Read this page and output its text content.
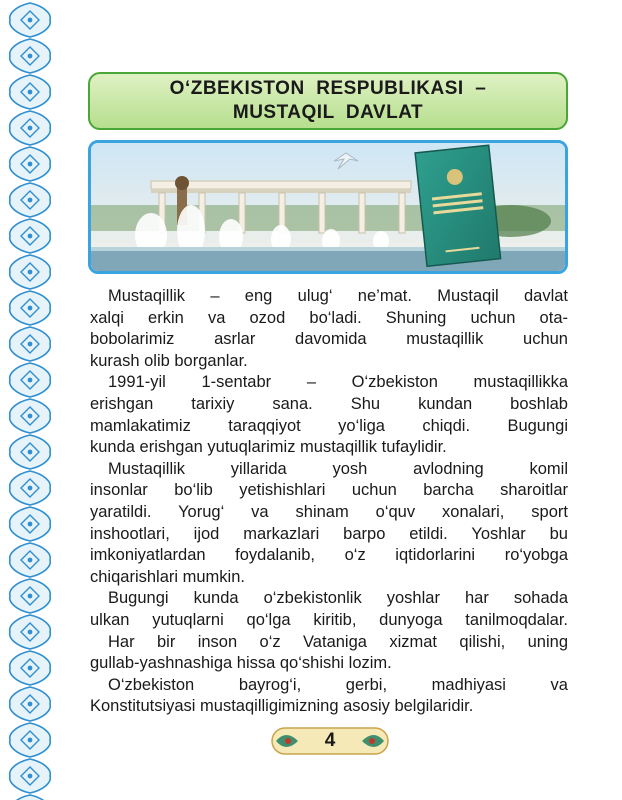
O‘ZBEKISTON  RESPUBLIKASI  –
MUSTAQIL  DAVLAT
Mustaqillik – eng ulug‘ ne’mat. Mustaqil davlat
xalqi erkin va ozod bo‘ladi. Shuning uchun ota-
bobolarimiz asrlar davomida mustaqillik uchun
kurash olib borganlar.
1991-yil 1-sentabr – O‘zbekiston mustaqillikka
erishgan tarixiy sana. Shu kundan boshlab
mamlakatimiz taraqqiyot yo‘liga chiqdi. Bugungi
kunda erishgan yutuqlarimiz mustaqillik tufaylidir.
Mustaqillik yillarida yosh avlodning komil
insonlar bo‘lib yetishishlari uchun barcha sharoitlar
yaratildi. Yorug‘ va shinam o‘quv xonalari, sport
inshootlari, ijod markazlari barpo etildi. Yoshlar bu
imkoniyatlardan foydalanib, o‘z iqtidorlarini ro‘yobga
chiqarishlari mumkin.
Bugungi kunda o‘zbekistonlik yoshlar har sohada
ulkan yutuqlarni qo‘lga kiritib, dunyoga tanilmoqdalar.
Har bir inson o‘z Vataniga xizmat qilishi, uning
gullab-yashnashiga hissa qo‘shishi lozim.
O‘zbekiston bayrog‘i, gerbi, madhiyasi va
Konstitutsiyasi mustaqilligimizning asosiy belgilaridir.
4
